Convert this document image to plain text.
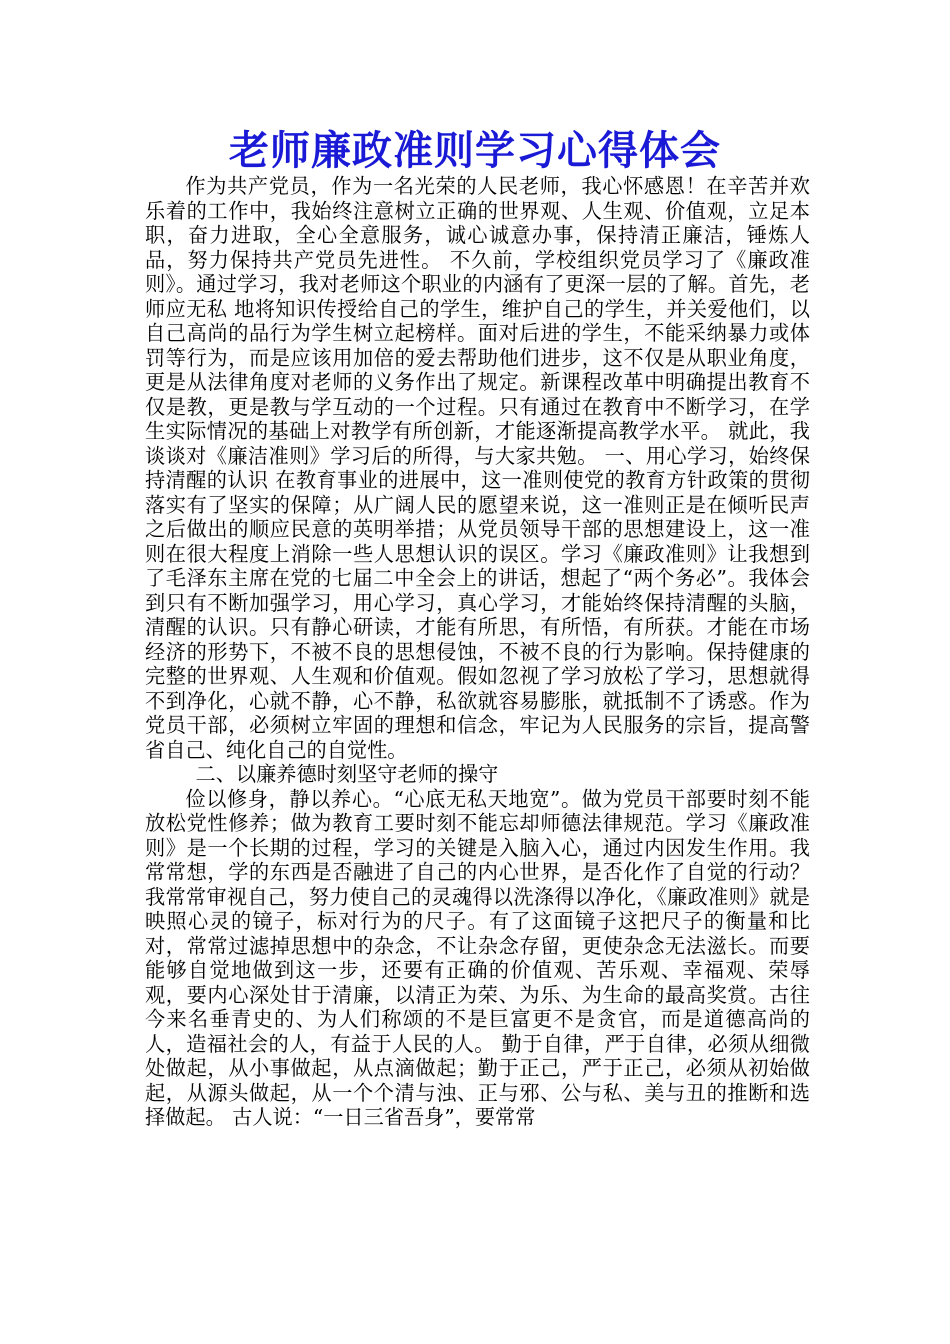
老师廉政准则学习心得体会

作为共产党员，作为一名光荣的人民老师，我心怀感恩！在辛苦并欢乐着的工作中，我始终注意树立正确的世界观、人生观、价值观，立足本职，奋力进取，全心全意服务，诚心诚意办事，保持清正廉洁，锤炼人品，努力保持共产党员先进性。 不久前，学校组织党员学习了《廉政准则》。通过学习，我对老师这个职业的内涵有了更深一层的了解。首先，老师应无私 地将知识传授给自己的学生，维护自己的学生，并关爱他们，以自己高尚的品行为学生树立起榜样。面对后进的学生，不能采纳暴力或体罚等行为，而是应该用加倍的爱去帮助他们进步，这不仅是从职业角度，更是从法律角度对老师的义务作出了规定。新课程改革中明确提出教育不仅是教，更是教与学互动的一个过程。只有通过在教育中不断学习，在学生实际情况的基础上对教学有所创新，才能逐渐提高教学水平。 就此，我谈谈对《廉洁准则》学习后的所得，与大家共勉。 一、用心学习，始终保持清醒的认识 在教育事业的进展中，这一准则使党的教育方针政策的贯彻落实有了坚实的保障；从广阔人民的愿望来说，这一准则正是在倾听民声之后做出的顺应民意的英明举措；从党员领导干部的思想建设上，这一准则在很大程度上消除一些人思想认识的误区。学习《廉政准则》让我想到了毛泽东主席在党的七届二中全会上的讲话，想起了“两个务必”。我体会到只有不断加强学习，用心学习，真心学习，才能始终保持清醒的头脑，清醒的认识。只有静心研读，才能有所思，有所悟，有所获。才能在市场经济的形势下，不被不良的思想侵蚀，不被不良的行为影响。保持健康的完整的世界观、人生观和价值观。假如忽视了学习放松了学习，思想就得不到净化，心就不静，心不静，私欲就容易膨胀，就抵制不了诱惑。作为党员干部，必须树立牢固的理想和信念，牢记为人民服务的宗旨，提高警省自己、纯化自己的自觉性。

二、以廉养德时刻坚守老师的操守

俭以修身，静以养心。“心底无私天地宽”。做为党员干部要时刻不能放松党性修养；做为教育工要时刻不能忘却师德法律规范。学习《廉政准则》是一个长期的过程，学习的关键是入脑入心，通过内因发生作用。我常常想，学的东西是否融进了自己的内心世界，是否化作了自觉的行动？我常常审视自己，努力使自己的灵魂得以洗涤得以净化，《廉政准则》就是映照心灵的镜子，标对行为的尺子。有了这面镜子这把尺子的衡量和比对，常常过滤掉思想中的杂念，不让杂念存留，更使杂念无法滋长。而要能够自觉地做到这一步，还要有正确的价值观、苦乐观、幸福观、荣辱观，要内心深处甘于清廉，以清正为荣、为乐、为生命的最高奖赏。古往今来名垂青史的、为人们称颂的不是巨富更不是贪官，而是道德高尚的人，造福社会的人，有益于人民的人。 勤于自律，严于自律，必须从细微处做起，从小事做起，从点滴做起；勤于正己，严于正己，必须从初始做起，从源头做起，从一个个清与浊、正与邪、公与私、美与丑的推断和选择做起。 古人说：“一日三省吾身”，要常常
